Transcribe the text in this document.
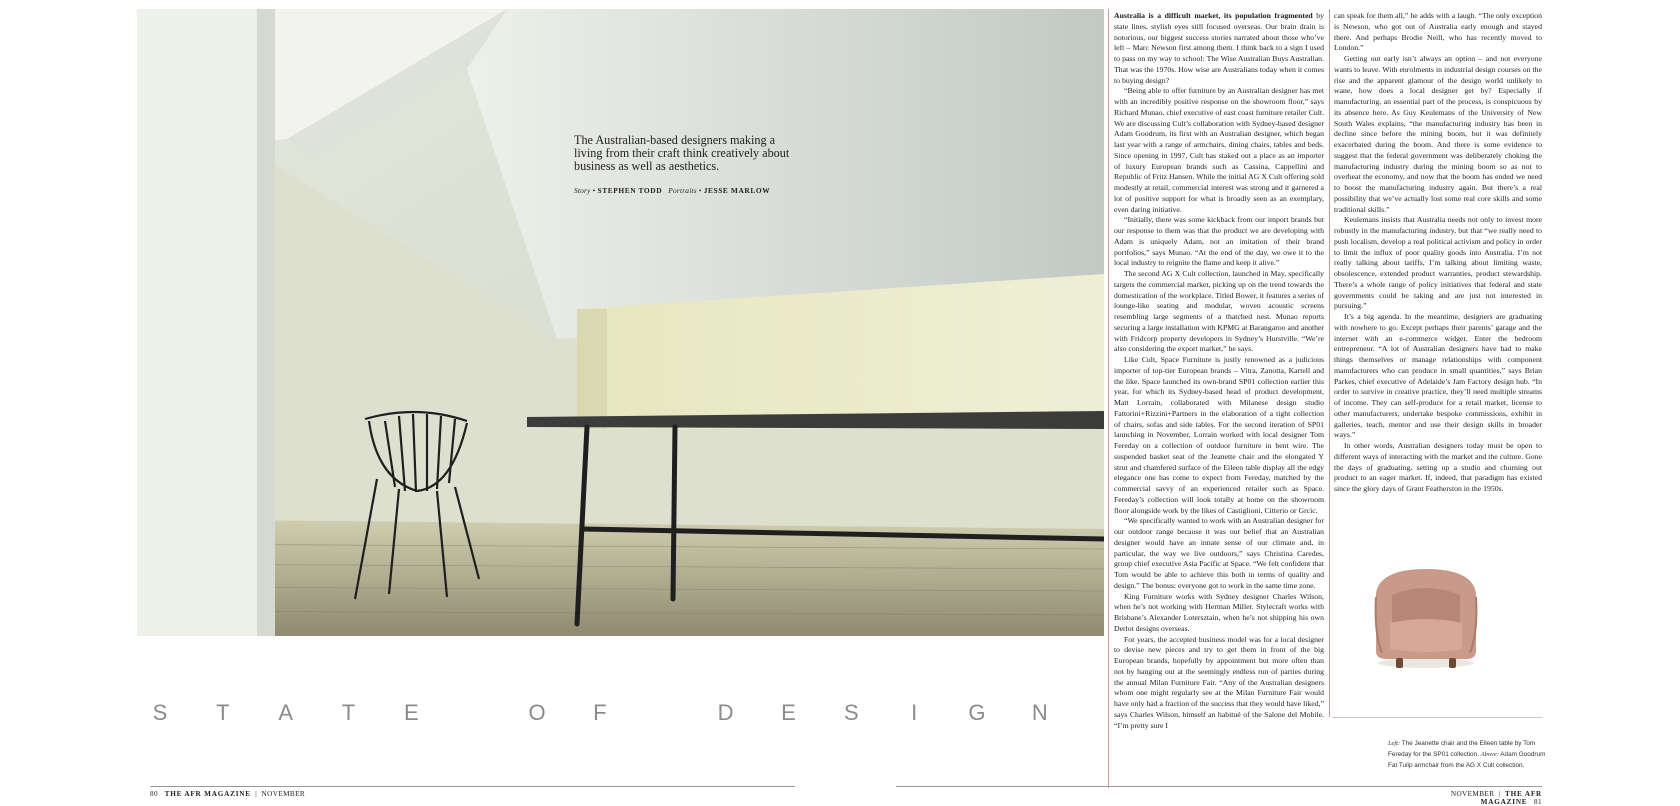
The Australian-based designers making a living from their craft think creatively about business as well as aesthetics.

Story • STEPHEN TODD Portraits • JESSE MARLOW
S T A T E	O F	D E S	I	G N
80 THE AFR MAGAZINE  |  NOVEMBER	NOVEMBER  |  THE AFR MAGAZINE 81

Australia is a difficult market, its population fragmented by state lines, stylish eyes still focused overseas. Our brain drain is notorious, our biggest success stories narrated about those who’ve left – Marc Newson first among them. I think back to a sign I used to pass on my way to school: The Wise Australian Buys Australian. That was the 1970s. How wise are Australians today when it comes to buying design?

“Being able to offer furniture by an Australian designer has met with an incredibly positive response on the showroom floor,” says Richard Munao, chief executive of east coast furniture retailer Cult. We are discussing Cult’s collaboration with Sydney-based designer Adam Goodrum, its first with an Australian designer, which began last year with a range of armchairs, dining chairs, tables and beds. Since opening in 1997, Cult has staked out a place as an importer of luxury European brands such as Cassina, Cappellini and Republic of Fritz Hansen. While the initial AG X Cult offering sold modestly at retail, commercial interest was strong and it garnered a lot of positive support for what is broadly seen as an exemplary, even daring initiative.

“Initially, there was some kickback from our import brands but our response to them was that the product we are developing with Adam is uniquely Adam, not an imitation of their brand portfolios,” says Munao. “At the end of the day, we owe it to the local industry to reignite the flame and keep it alive.”

The second AG X Cult collection, launched in May, specifically targets the commercial market, picking up on the trend towards the domestication of the workplace. Titled Bower, it features a series of lounge-like seating and modular, woven acoustic screens resembling large segments of a thatched nest. Munao reports securing a large installation with KPMG at Barangaroo and another with Fridcorp property developers in Sydney’s Hurstville. “We’re also considering the export market,” he says.

Like Cult, Space Furniture is justly renowned as a judicious importer of top-tier European brands – Vitra, Zanotta, Kartell and the like. Space launched its own-brand SP01 collection earlier this year, for which its Sydney-based head of product development, Matt Lorrain, collaborated with Milanese design studio Fattorini+Rizzini+Partners in the elaboration of a tight collection of chairs, sofas and side tables. For the second iteration of SP01 launching in November, Lorrain worked with local designer Tom Fereday on a collection of outdoor furniture in bent wire. The suspended basket seat of the Jeanette chair and the elongated Y strut and chamfered surface of the Eileen table display all the edgy elegance one has come to expect from Fereday, matched by the commercial savvy of an experienced retailer such as Space. Fereday’s collection will look totally at home on the showroom floor alongside work by the likes of Castiglioni, Citterio or Grcic.

“We specifically wanted to work with an Australian designer for our outdoor range because it was our belief that an Australian designer would have an innate sense of our climate and, in particular, the way we live outdoors,” says Christina Caredes, group chief executive Asia Pacific at Space. “We felt confident that Tom would be able to achieve this both in terms of quality and design.” The bonus: everyone got to work in the same time zone.

King Furniture works with Sydney designer Charles Wilson, when he’s not working with Herman Miller. Stylecraft works with Brisbane’s Alexander Lotersztain, when he’s not shipping his own Derlot designs overseas.

For years, the accepted business model was for a local designer to devise new pieces and try to get them in front of the big European brands, hopefully by appointment but more often than not by hanging out at the seemingly endless run of parties during the annual Milan Furniture Fair. “Any of the Australian designers whom one might regularly see at the Milan Furniture Fair would have only had a fraction of the success that they would have liked,” says Charles Wilson, himself an habitué of the Salone del Mobile. “I’m pretty sure I

can speak for them all,” he adds with a laugh. “The only exception is Newson, who got out of Australia early enough and stayed there. And perhaps Brodie Neill, who has recently moved to London.”

Getting out early isn’t always an option – and not everyone wants to leave. With enrolments in industrial design courses on the rise and the apparent glamour of the design world unlikely to wane, how does a local designer get by? Especially if manufacturing, an essential part of the process, is conspicuous by its absence here. As Guy Keulemans of the University of New South Wales explains, “the manufacturing industry has been in decline since before the mining boom, but it was definitely exacerbated during the boom. And there is some evidence to suggest that the federal government was deliberately choking the manufacturing industry during the mining boom so as not to overheat the economy, and now that the boom has ended we need to boost the manufacturing industry again. But there’s a real possibility that we’ve actually lost some real core skills and some traditional skills.”

Keulemans insists that Australia needs not only to invest more robustly in the manufacturing industry, but that “we really need to push localism, develop a real political activism and policy in order to limit the influx of poor quality goods into Australia. I’m not really talking about tariffs, I’m talking about limiting waste, obsolescence, extended product warranties, product stewardship. There’s a whole range of policy initiatives that federal and state governments could be taking and are just not interested in pursuing.”

It’s a big agenda. In the meantime, designers are graduating with nowhere to go. Except perhaps their parents’ garage and the internet with an e-commerce widget. Enter the bedroom entrepreneur. “A lot of Australian designers have had to make things themselves or manage relationships with component manufacturers who can produce in small quantities,” says Brian Parkes, chief executive of Adelaide’s Jam Factory design hub. “In order to survive in creative practice, they’ll need multiple streams of income. They can self-produce for a retail market, license to other manufacturers, undertake bespoke commissions, exhibit in galleries, teach, mentor and use their design skills in broader ways.”

In other words, Australian designers today must be open to different ways of interacting with the market and the culture. Gone the days of graduating, setting up a studio and churning out product to an eager market. If, indeed, that paradigm has existed since the glory days of Grant Featherston in the 1950s.

Left: The Jeanette chair and the Eileen table by Tom Fereday for the SP01 collection. Above: Adam Goodrum Fat Tulip armchair from the AG X Cult collection.
